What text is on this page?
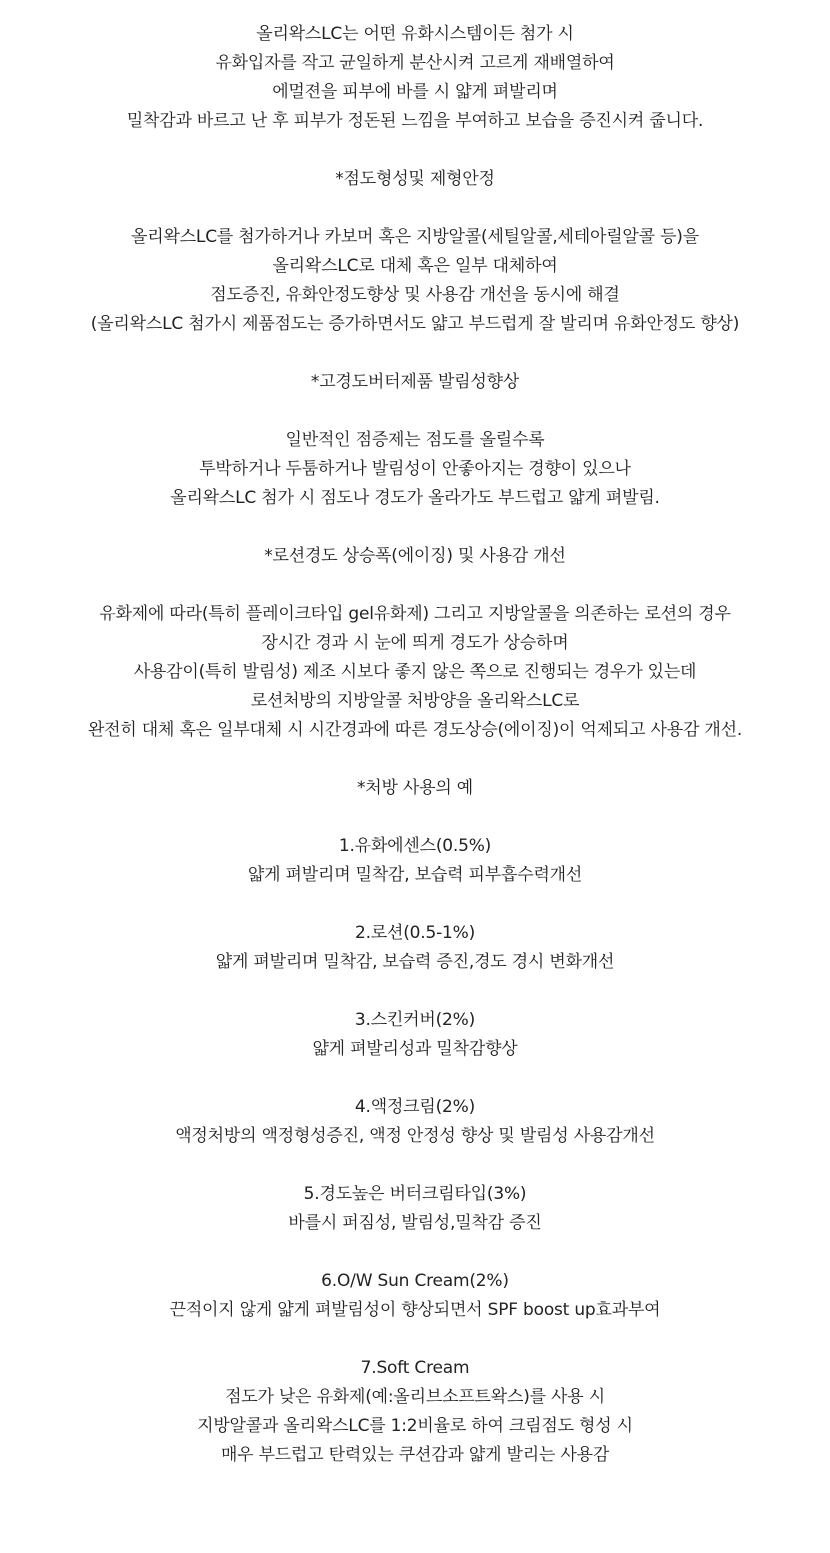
올리왁스LC는 어떤 유화시스템이든 첨가 시
유화입자를 작고 균일하게 분산시켜 고르게 재배열하여
에멀젼을 피부에 바를 시 얇게 펴발리며
밀착감과 바르고 난 후 피부가 정돈된 느낌을 부여하고 보습을 증진시켜 줍니다.
*점도형성및 제형안정
올리왁스LC를 첨가하거나 카보머 혹은 지방알콜(세틸알콜,세테아릴알콜 등)을
올리왁스LC로 대체 혹은 일부 대체하여
점도증진, 유화안정도향상 및 사용감 개선을 동시에 해결
(올리왁스LC 첨가시 제품점도는 증가하면서도 얇고 부드럽게 잘 발리며 유화안정도 향상)
*고경도버터제품 발림성향상
일반적인 점증제는 점도를 올릴수록
투박하거나 두툼하거나 발림성이 안좋아지는 경향이 있으나
올리왁스LC 첨가 시 점도나 경도가 올라가도 부드럽고 얇게 펴발림.
*로션경도 상승폭(에이징) 및 사용감 개선
유화제에 따라(특히 플레이크타입 gel유화제) 그리고 지방알콜을 의존하는 로션의 경우
장시간 경과 시 눈에 띄게 경도가 상승하며
사용감이(특히 발림성) 제조 시보다 좋지 않은 쪽으로 진행되는 경우가 있는데
로션처방의 지방알콜 처방양을 올리왁스LC로
완전히 대체 혹은 일부대체 시 시간경과에 따른 경도상승(에이징)이 억제되고 사용감 개선.
*처방 사용의 예
1.유화에센스(0.5%)
얇게 펴발리며 밀착감, 보습력 피부흡수력개선
2.로션(0.5-1%)
얇게 펴발리며 밀착감, 보습력 증진,경도 경시 변화개선
3.스킨커버(2%)
얇게 펴발리성과 밀착감향상
4.액정크림(2%)
액정처방의 액정형성증진, 액정 안정성 향상 및 발림성 사용감개선
5.경도높은 버터크림타입(3%)
바를시 퍼짐성, 발림성,밀착감 증진
6.O/W Sun Cream(2%)
끈적이지 않게 얇게 펴발림성이 향상되면서 SPF boost up효과부여
7.Soft Cream
점도가 낮은 유화제(예:올리브소프트왁스)를 사용 시
지방알콜과 올리왁스LC를 1:2비율로 하여 크림점도 형성 시
매우 부드럽고 탄력있는 쿠션감과 얇게 발리는 사용감
